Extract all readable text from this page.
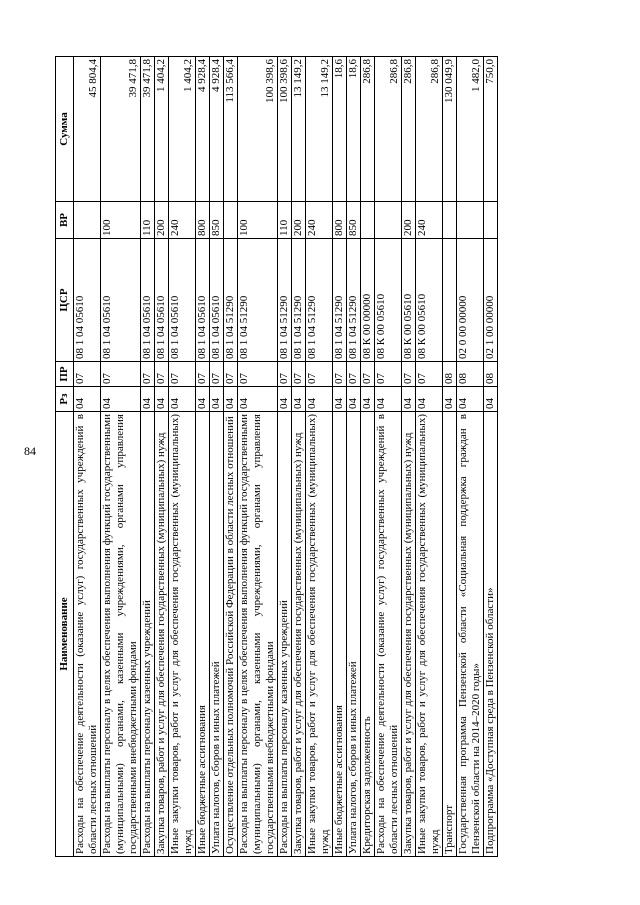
84
Наименование	Рз	ПР	ЦСР	ВР	Сумма
Расходы на обеспечение деятельности (оказание услуг) государственных учреждений в области лесных отношений	04	07	08 1 04 05610		45 804,4
Расходы на выплаты персоналу в целях обеспечения выполнения функций государственными (муниципальными) органами, казенными учреждениями, органами управления государственными внебюджетными фондами	04	07	08 1 04 05610	100	39 471,8
Расходы на выплаты персоналу казенных учреждений	04	07	08 1 04 05610	110	39 471,8
Закупка товаров, работ и услуг для обеспечения государственных (муниципальных) нужд	04	07	08 1 04 05610	200	1 404,2
Иные закупки товаров, работ и услуг для обеспечения государственных (муниципальных) нужд	04	07	08 1 04 05610	240	1 404,2
Иные бюджетные ассигнования	04	07	08 1 04 05610	800	4 928,4
Уплата налогов, сборов и иных платежей	04	07	08 1 04 05610	850	4 928,4
Осуществление отдельных полномочий Российской Федерации в области лесных отношений	04	07	08 1 04 51290		113 566,4
Расходы на выплаты персоналу в целях обеспечения выполнения функций государственными (муниципальными) органами, казенными учреждениями, органами управления государственными внебюджетными фондами	04	07	08 1 04 51290	100	100 398,6
Расходы на выплаты персоналу казенных учреждений	04	07	08 1 04 51290	110	100 398,6
Закупка товаров, работ и услуг для обеспечения государственных (муниципальных) нужд	04	07	08 1 04 51290	200	13 149,2
Иные закупки товаров, работ и услуг для обеспечения государственных (муниципальных) нужд	04	07	08 1 04 51290	240	13 149,2
Иные бюджетные ассигнования	04	07	08 1 04 51290	800	18,6
Уплата налогов, сборов и иных платежей	04	07	08 1 04 51290	850	18,6
Кредиторская задолженность	04	07	08 К 00 00000		286,8
Расходы на обеспечение деятельности (оказание услуг) государственных учреждений в области лесных отношений	04	07	08 К 00 05610		286,8
Закупка товаров, работ и услуг для обеспечения государственных (муниципальных) нужд	04	07	08 К 00 05610	200	286,8
Иные закупки товаров, работ и услуг для обеспечения государственных (муниципальных) нужд	04	07	08 К 00 05610	240	286,8
Транспорт	04	08			130 049,9
Государственная программа Пензенской области «Социальная поддержка граждан в Пензенской области на 2014–2020 годы»	04	08	02 0 00 00000		1 482,0
Подпрограмма «Доступная среда в Пензенской области»	04	08	02 1 00 00000		750,0
